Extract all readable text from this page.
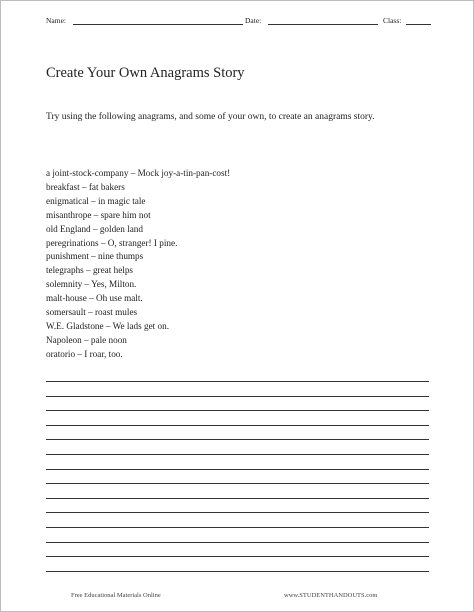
Name:	Date:	Class:
Create Your Own Anagrams Story
Try using the following anagrams, and some of your own, to create an anagrams story.
a joint-stock-company – Mock joy-a-tin-pan-cost!
breakfast – fat bakers
enigmatical – in magic tale
misanthrope – spare him not
old England – golden land
peregrinations – O, stranger! I pine.
punishment – nine thumps
telegraphs – great helps
solemnity – Yes, Milton.
malt-house – Oh use malt.
somersault – roast mules
W.E. Gladstone – We lads get on.
Napoleon – pale noon
oratorio – I roar, too.
Free Educational Materials Online	www.STUDENTHANDOUTS.com
